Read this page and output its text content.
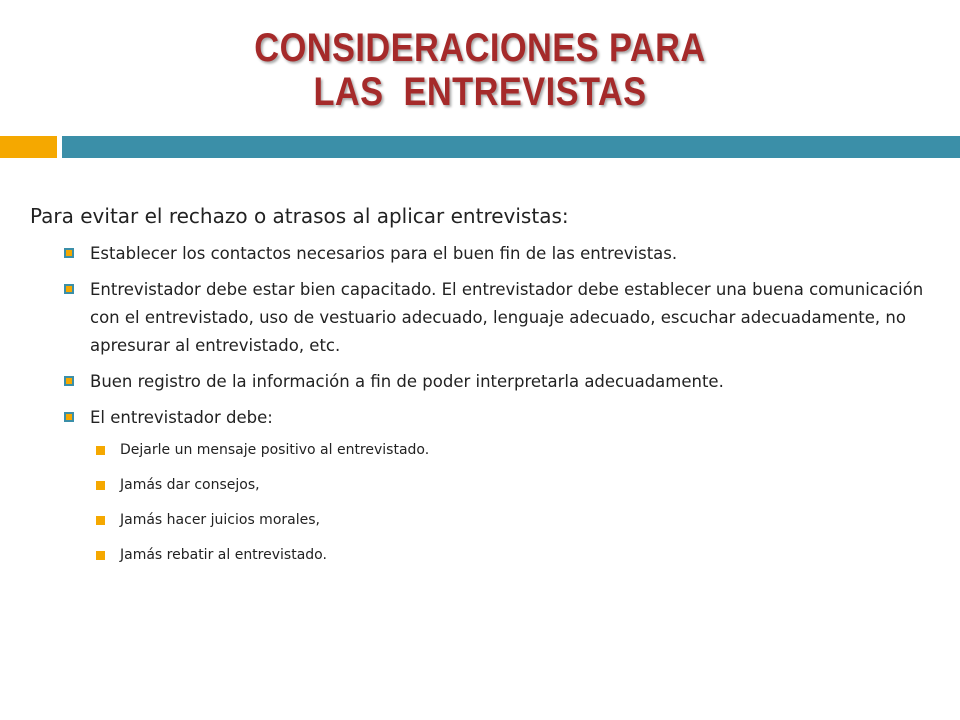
CONSIDERACIONES PARA
LAS  ENTREVISTAS

Para evitar el rechazo o atrasos al aplicar entrevistas:

Establecer los contactos necesarios para el buen fin de las entrevistas.
Entrevistador debe estar bien capacitado. El entrevistador debe establecer una buena comunicación con el entrevistado, uso de vestuario adecuado, lenguaje adecuado, escuchar adecuadamente, no apresurar al entrevistado, etc.
Buen registro de la información a fin de poder interpretarla adecuadamente.
El entrevistador debe:
Dejarle un mensaje positivo al entrevistado.
Jamás dar consejos,
Jamás hacer juicios morales,
Jamás rebatir al entrevistado.
